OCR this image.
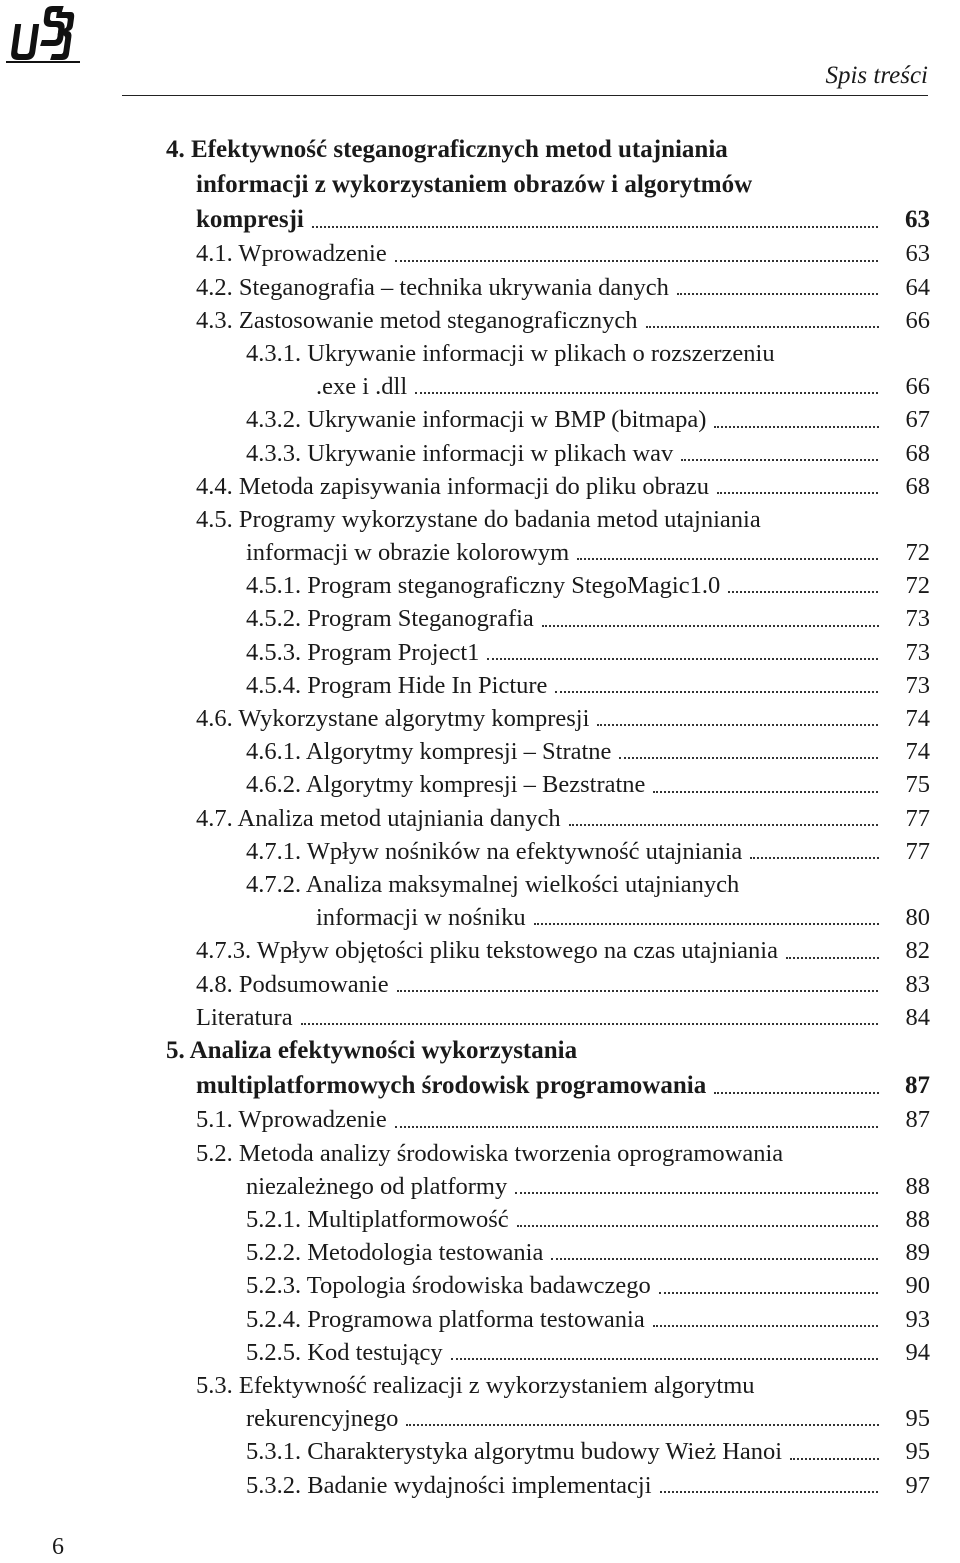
Spis treści
4. Efektywność steganograficznych metod utajniania
informacji z wykorzystaniem obrazów i algorytmów
kompresji	63
4.1. Wprowadzenie	63
4.2. Steganografia – technika ukrywania danych	64
4.3. Zastosowanie metod steganograficznych	66
4.3.1. Ukrywanie informacji w plikach o rozszerzeniu
.exe i .dll	66
4.3.2. Ukrywanie informacji w BMP (bitmapa)	67
4.3.3. Ukrywanie informacji w plikach wav	68
4.4. Metoda zapisywania informacji do pliku obrazu	68
4.5. Programy wykorzystane do badania metod utajniania
informacji w obrazie kolorowym	72
4.5.1. Program steganograficzny StegoMagic1.0	72
4.5.2. Program Steganografia	73
4.5.3. Program Project1	73
4.5.4. Program Hide In Picture	73
4.6. Wykorzystane algorytmy kompresji	74
4.6.1. Algorytmy kompresji – Stratne	74
4.6.2. Algorytmy kompresji – Bezstratne	75
4.7. Analiza metod utajniania danych	77
4.7.1. Wpływ nośników na efektywność utajniania	77
4.7.2. Analiza maksymalnej wielkości utajnianych
informacji w nośniku	80
4.7.3. Wpływ objętości pliku tekstowego na czas utajniania	82
4.8. Podsumowanie	83
Literatura	84
5. Analiza efektywności wykorzystania
multiplatformowych środowisk programowania	87
5.1. Wprowadzenie	87
5.2. Metoda analizy środowiska tworzenia oprogramowania
niezależnego od platformy	88
5.2.1. Multiplatformowość	88
5.2.2. Metodologia testowania	89
5.2.3. Topologia środowiska badawczego	90
5.2.4. Programowa platforma testowania	93
5.2.5. Kod testujący	94
5.3. Efektywność realizacji z wykorzystaniem algorytmu
rekurencyjnego	95
5.3.1. Charakterystyka algorytmu budowy Wież Hanoi	95
5.3.2. Badanie wydajności implementacji	97
6
